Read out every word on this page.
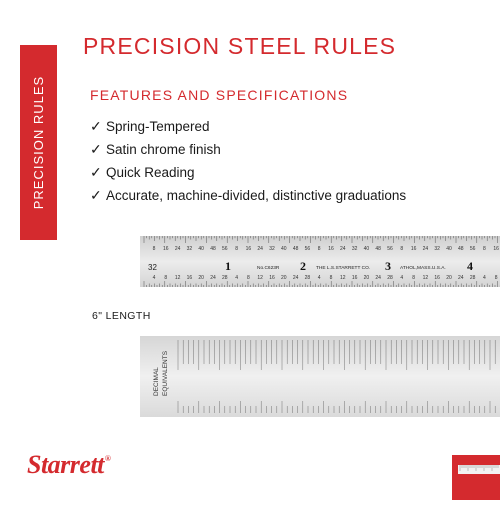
PRECISION RULES
PRECISION STEEL RULES
FEATURES AND SPECIFICATIONS
✓ Spring-Tempered
✓ Satin chrome finish
✓ Quick Reading
✓ Accurate, machine-divided, distinctive graduations
8 16 24 32 40 48 56 8 16 24 32 40 48 56 8 16 24 32 40 48 56 8 16 24 32 40 48 56 8 16
4 8 12 16 20 24 28 4 8 12 16 20 24 28 4 8 12 16 20 24 28 4 8 12 16 20 24 28 4 8
32	1	2	3	4
No.C623R	THE L.S.STARRETT CO.	ATHOL,MASS.U.S.A.
6" LENGTH
DECIMAL EQUIVALENTS
Starrett®
